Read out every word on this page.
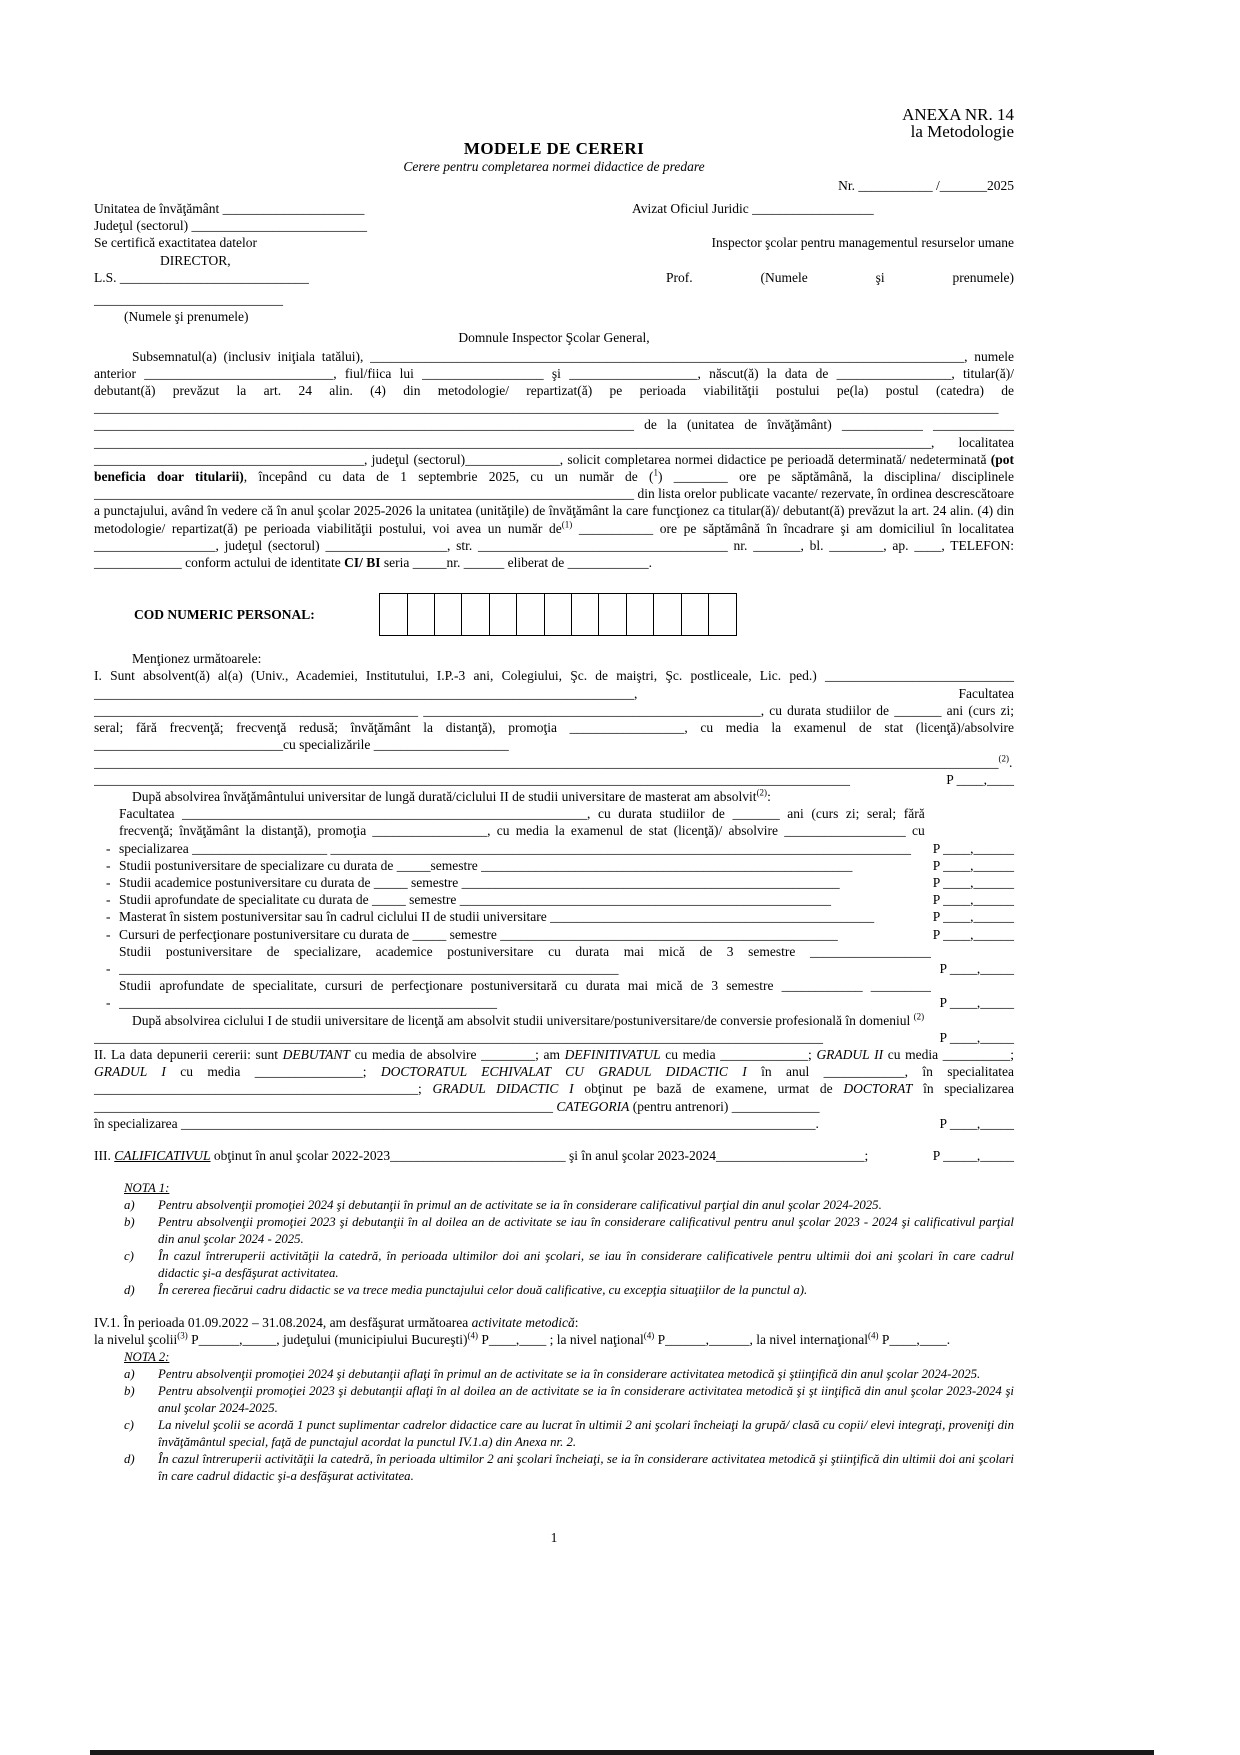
ANEXA NR. 14
la Metodologie
MODELE DE CERERI
Cerere pentru completarea normei didactice de predare
Nr. ___________ /_______2025
Unitatea de învăţământ _____________________	Avizat Oficiul Juridic __________________
Judeţul (sectorul) __________________________
Se certifică exactitatea datelor	Inspector şcolar pentru managementul resurselor umane
DIRECTOR,
L.S. ____________________________	Prof.	(Numele	şi	prenumele)
____________________________
(Numele şi prenumele)
Domnule Inspector Şcolar General,
Subsemnatul(a) (inclusiv iniţiala tatălui), ________________________________________________________________________________________, numele anterior ____________________________, fiul/fiica lui __________________ şi ___________________, născut(ă) la data de _________________, titular(ă)/ debutant(ă) prevăzut la art. 24 alin. (4) din metodologie/ repartizat(ă) pe perioada viabilităţii postului pe(la) postul (catedra) de ______________________________________________________________________________________________________________________________________ ________________________________________________________________________________ de la (unitatea de învăţământ) ____________ ____________ ____________________________________________________________________________________________________________________________, localitatea ________________________________________, judeţul (sectorul)______________, solicit completarea normei didactice pe perioadă determinată/ nedeterminată (pot beneficia doar titularii), începând cu data de 1 septembrie 2025, cu un număr de ($^1$) ________ ore pe săptămână, la disciplina/ disciplinele ________________________________________________________________________________ din lista orelor publicate vacante/ rezervate, în ordinea descrescătoare a punctajului, având în vedere că în anul şcolar 2025-2026 la unitatea (unităţile) de învăţământ la care funcţionez ca titular(ă)/ debutant(ă) prevăzut la art. 24 alin. (4) din metodologie/ repartizat(ă) pe perioada viabilităţii postului, voi avea un număr $de^{(1)}$ ___________ ore pe săptămână în încadrare şi am domiciliul în localitatea __________________, judeţul (sectorul) __________________, str. _____________________________________ nr. _______, bl. ________, ap. ____, TELEFON: _____________ conform actului de identitate CI/ BI seria _____nr. ______ eliberat de ____________.
COD NUMERIC PERSONAL:
Menţionez următoarele:
I. Sunt absolvent(ă) al(a) (Univ., Academiei, Institutului, I.P.-3 ani, Colegiului, Şc. de maiştri, Şc. postliceale, Lic. ped.) ____________________________ ________________________________________________________________________________, Facultatea ________________________________________________ __________________________________________________, cu durata studiilor de _______ ani (curs zi; seral; fără frecvenţă; frecvenţă redusă; învăţământ la distanţă), promoţia _________________, cu media la examenul de stat (licenţă)/absolvire ____________________________cu specializările ____________________
______________________________________________________________________________________________________________________________________$^{(2)}$.
________________________________________________________________________________________________________________	P ____,____
După absolvirea învăţământului universitar de lungă durată/ciclului II de studii universitare de masterat am absolvit$^{(2)}$:
-
Facultatea ____________________________________________________________, cu durata studiilor de _______ ani (curs zi; seral; fără frecvenţă; învăţământ la distanţă), promoţia _________________, cu media la examenul de stat (licenţă)/ absolvire __________________ cu specializarea ____________________ ______________________________________________________________________________________	P ____,______
- Studii postuniversitare de specializare cu durata de _____semestre _______________________________________________________	P ____,______
- Studii academice postuniversitare cu durata de _____ semestre ________________________________________________________	P ____,______
- Studii aprofundate de specialitate cu durata de _____ semestre _______________________________________________________	P ____,______
- Masterat în sistem postuniversitar sau în cadrul ciclului II de studii universitare ________________________________________________	P ____,______
- Cursuri de perfecţionare postuniversitare cu durata de _____ semestre __________________________________________________	P ____,______
-
Studii postuniversitare de specializare, academice postuniversitare cu durata mai mică de 3 semestre __________________ __________________________________________________________________________	P ____,_____
-
Studii aprofundate de specialitate, cursuri de perfecţionare postuniversitară cu durata mai mică de 3 semestre ____________ _________ ________________________________________________________	P ____,_____
După absolvirea ciclului I de studii universitare de licenţă am absolvit studii universitare/postuniversitare/de conversie profesională în domeniul $^{(2)}$
____________________________________________________________________________________________________________	P ____,_____
II. La data depunerii cererii: sunt DEBUTANT cu media de absolvire ________; am DEFINITIVATUL cu media _____________; GRADUL II cu media __________; GRADUL I cu media ________________; DOCTORATUL ECHIVALAT CU GRADUL DIDACTIC I în anul ____________, în specialitatea ________________________________________________; GRADUL DIDACTIC I obţinut pe bază de examene, urmat de DOCTORAT în specializarea ____________________________________________________________________ CATEGORIA (pentru antrenori) _____________
în specializarea ______________________________________________________________________________________________.	P ____,_____
III. CALIFICATIVUL obţinut în anul şcolar 2022-2023__________________________ şi în anul şcolar 2023-2024______________________;	P _____,_____
NOTA 1:
a)	Pentru absolvenţii promoţiei 2024 şi debutanţii în primul an de activitate se ia în considerare calificativul parţial din anul şcolar 2024-2025.
b)	Pentru absolvenţii promoţiei 2023 şi debutanţii în al doilea an de activitate se iau în considerare calificativul pentru anul şcolar 2023 - 2024 şi calificativul parţial din anul şcolar 2024 - 2025.
c)	În cazul întreruperii activităţii la catedră, în perioada ultimilor doi ani şcolari, se iau în considerare calificativele pentru ultimii doi ani şcolari în care cadrul didactic şi-a desfăşurat activitatea.
d)	În cererea fiecărui cadru didactic se va trece media punctajului celor două calificative, cu excepţia situaţiilor de la punctul a).
IV.1. În perioada 01.09.2022 – 31.08.2024, am desfăşurat următoarea activitate metodică:
la nivelul şcolii$^{(3)}$ P______,_____, judeţului (municipiului Bucureşti)$^{(4)}$ P____,____ ; la nivel naţional$^{(4)}$ P______,______, la nivel internaţional$^{(4)}$ P____,____.
NOTA 2:
a)	Pentru absolvenţii promoţiei 2024 şi debutanţii aflaţi în primul an de activitate se ia în considerare activitatea metodică şi ştiinţifică din anul şcolar 2024-2025.
b)	Pentru absolvenţii promoţiei 2023 şi debutanţii aflaţi în al doilea an de activitate se ia în considerare activitatea metodică şi şt iinţifică din anul şcolar 2023-2024 şi anul şcolar 2024-2025.
c)	La nivelul şcolii se acordă 1 punct suplimentar cadrelor didactice care au lucrat în ultimii 2 ani şcolari încheiaţi la grupă/ clasă cu copii/ elevi integraţi, proveniţi din învăţământul special, faţă de punctajul acordat la punctul IV.1.a) din Anexa nr. 2.
d)	În cazul întreruperii activităţii la catedră, în perioada ultimilor 2 ani şcolari încheiaţi, se ia în considerare activitatea metodică şi ştiinţifică din ultimii doi ani şcolari în care cadrul didactic şi-a desfăşurat activitatea.
1
